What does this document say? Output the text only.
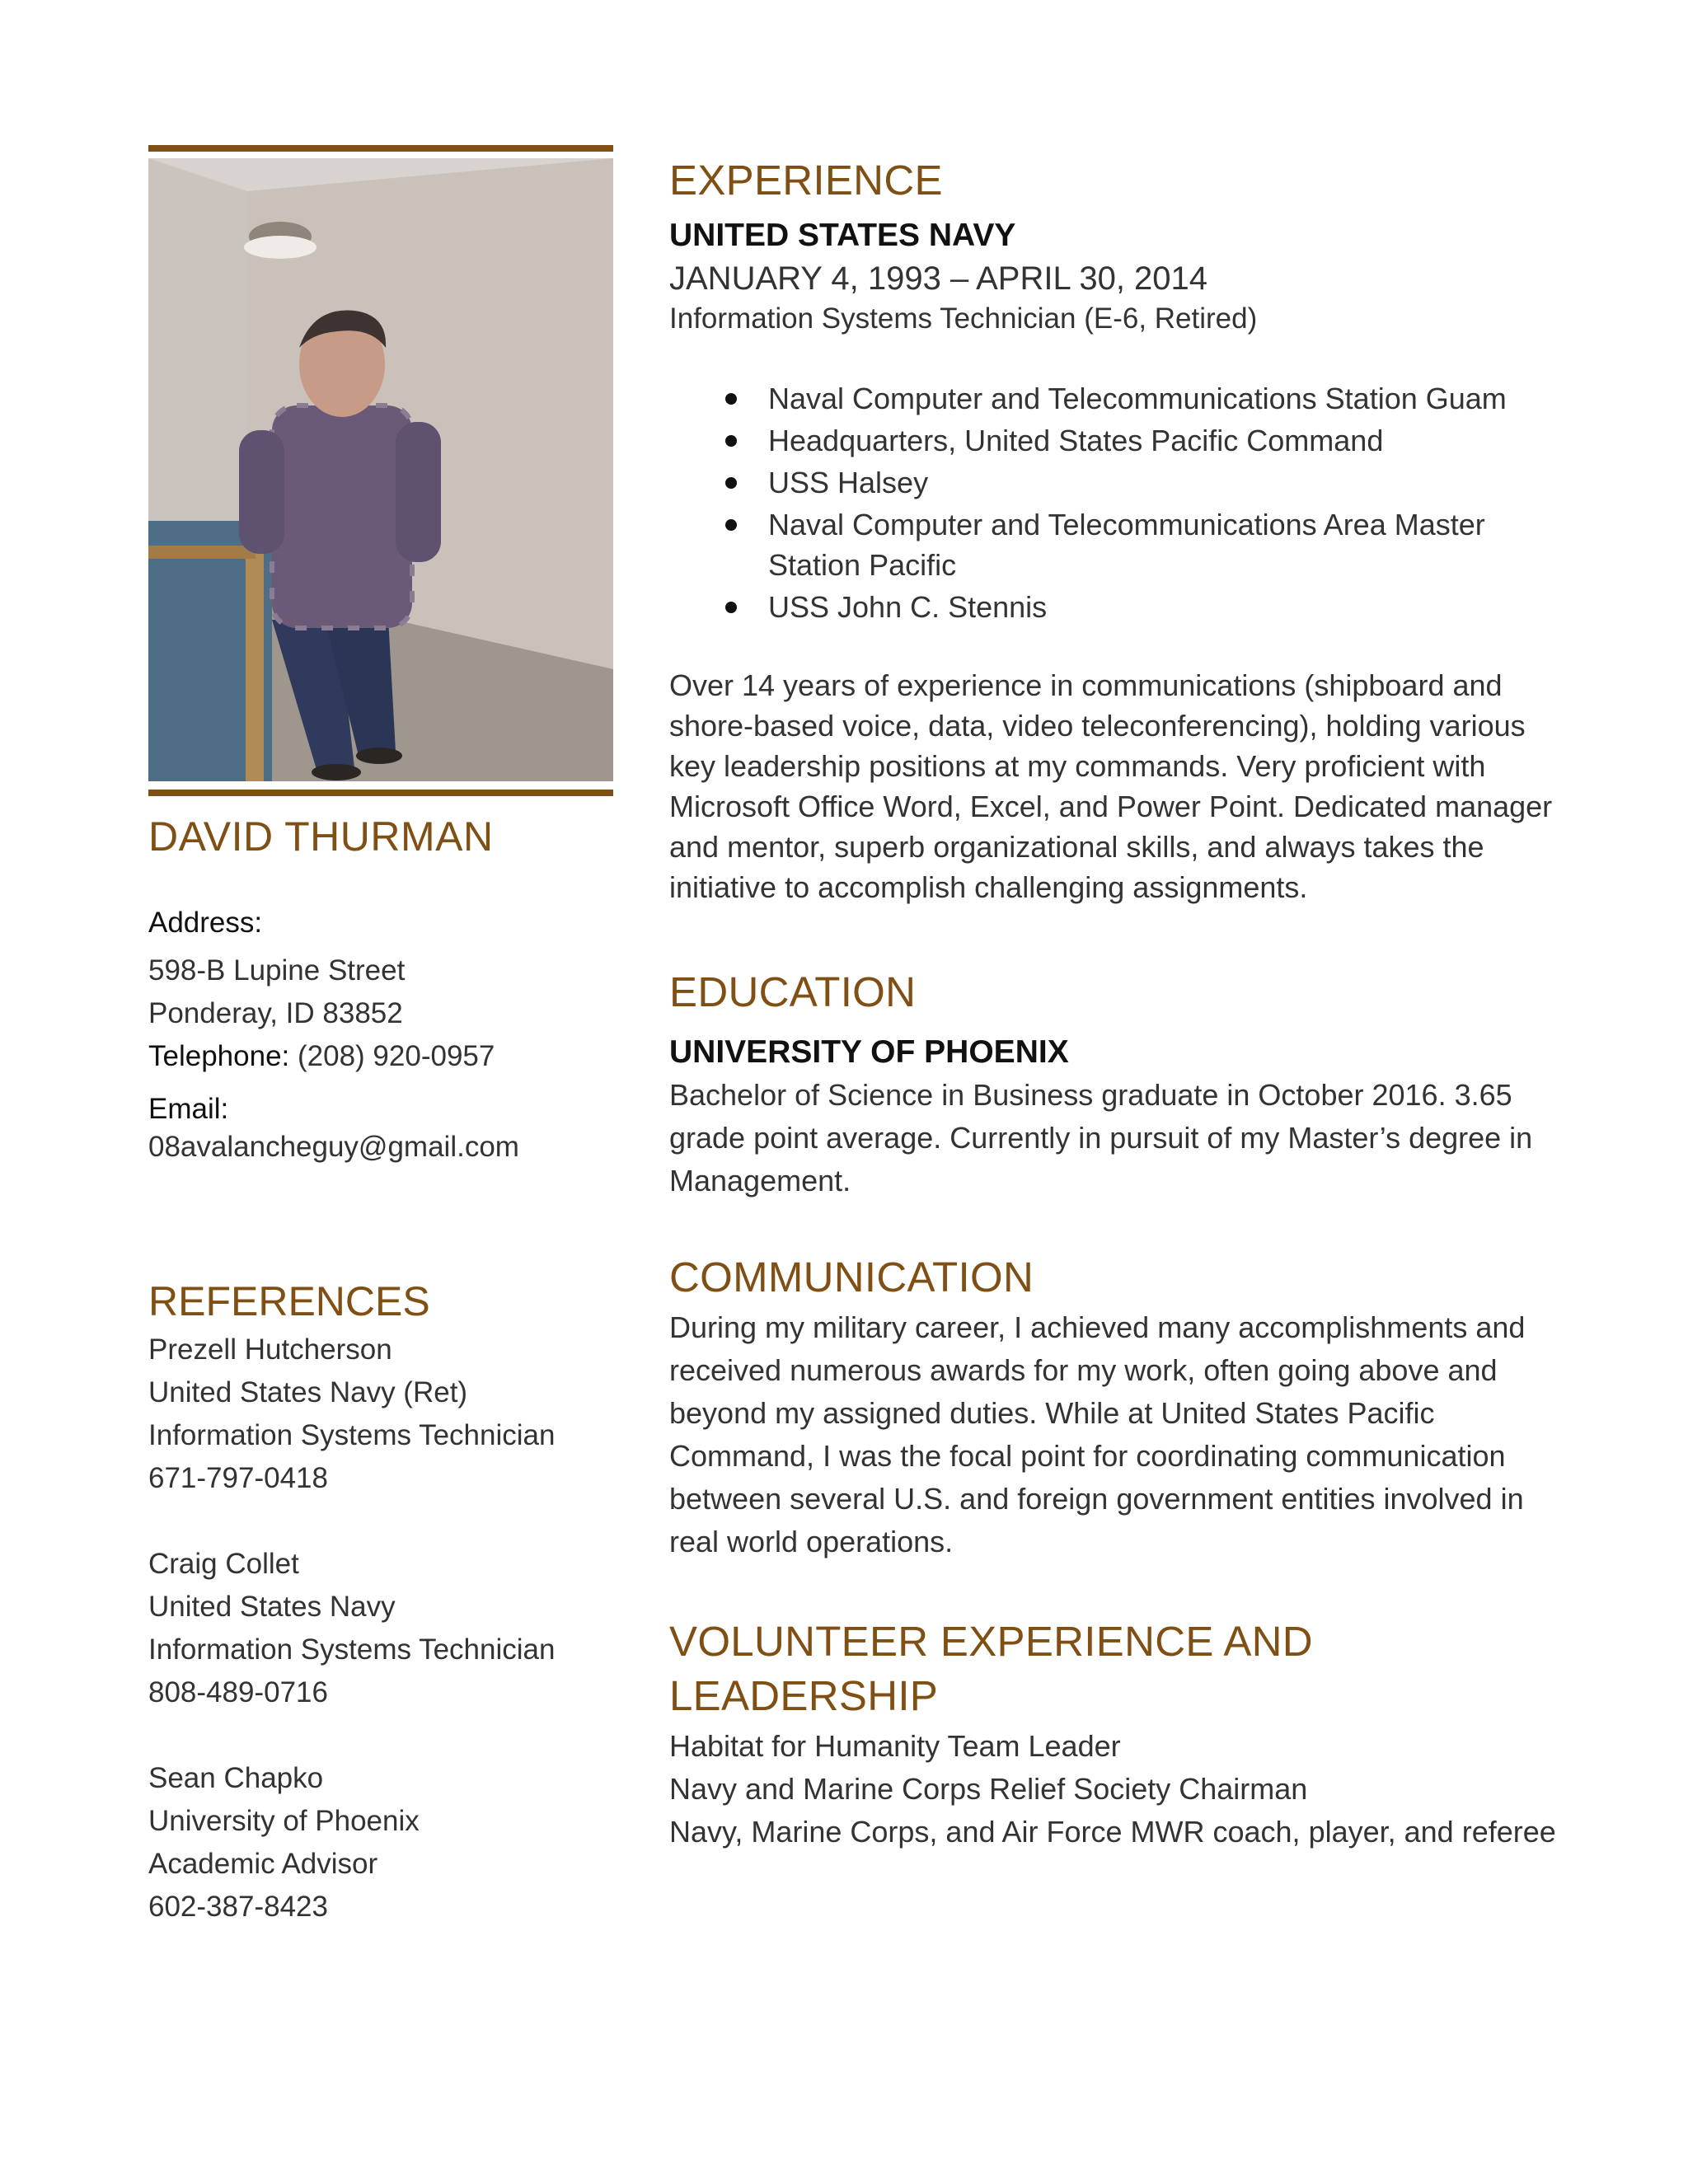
DAVID THURMAN
Address:
598-B Lupine Street
Ponderay, ID 83852
Telephone: (208) 920-0957
Email:
08avalancheguy@gmail.com
REFERENCES
Prezell Hutcherson
United States Navy (Ret)
Information Systems Technician
671-797-0418
Craig Collet
United States Navy
Information Systems Technician
808-489-0716
Sean Chapko
University of Phoenix
Academic Advisor
602-387-8423
EXPERIENCE
UNITED STATES NAVY
JANUARY 4, 1993 – APRIL 30, 2014
Information Systems Technician (E-6, Retired)
Naval Computer and Telecommunications Station Guam
Headquarters, United States Pacific Command
USS Halsey
Naval Computer and Telecommunications Area Master Station Pacific
USS John C. Stennis
Over 14 years of experience in communications (shipboard and shore-based voice, data, video teleconferencing), holding various key leadership positions at my commands. Very proficient with Microsoft Office Word, Excel, and Power Point. Dedicated manager and mentor, superb organizational skills, and always takes the initiative to accomplish challenging assignments.
EDUCATION
UNIVERSITY OF PHOENIX
Bachelor of Science in Business graduate in October 2016. 3.65 grade point average. Currently in pursuit of my Master’s degree in Management.
COMMUNICATION
During my military career, I achieved many accomplishments and received numerous awards for my work, often going above and beyond my assigned duties. While at United States Pacific Command, I was the focal point for coordinating communication between several U.S. and foreign government entities involved in real world operations.
VOLUNTEER EXPERIENCE AND LEADERSHIP
Habitat for Humanity Team Leader
Navy and Marine Corps Relief Society Chairman
Navy, Marine Corps, and Air Force MWR coach, player, and referee
